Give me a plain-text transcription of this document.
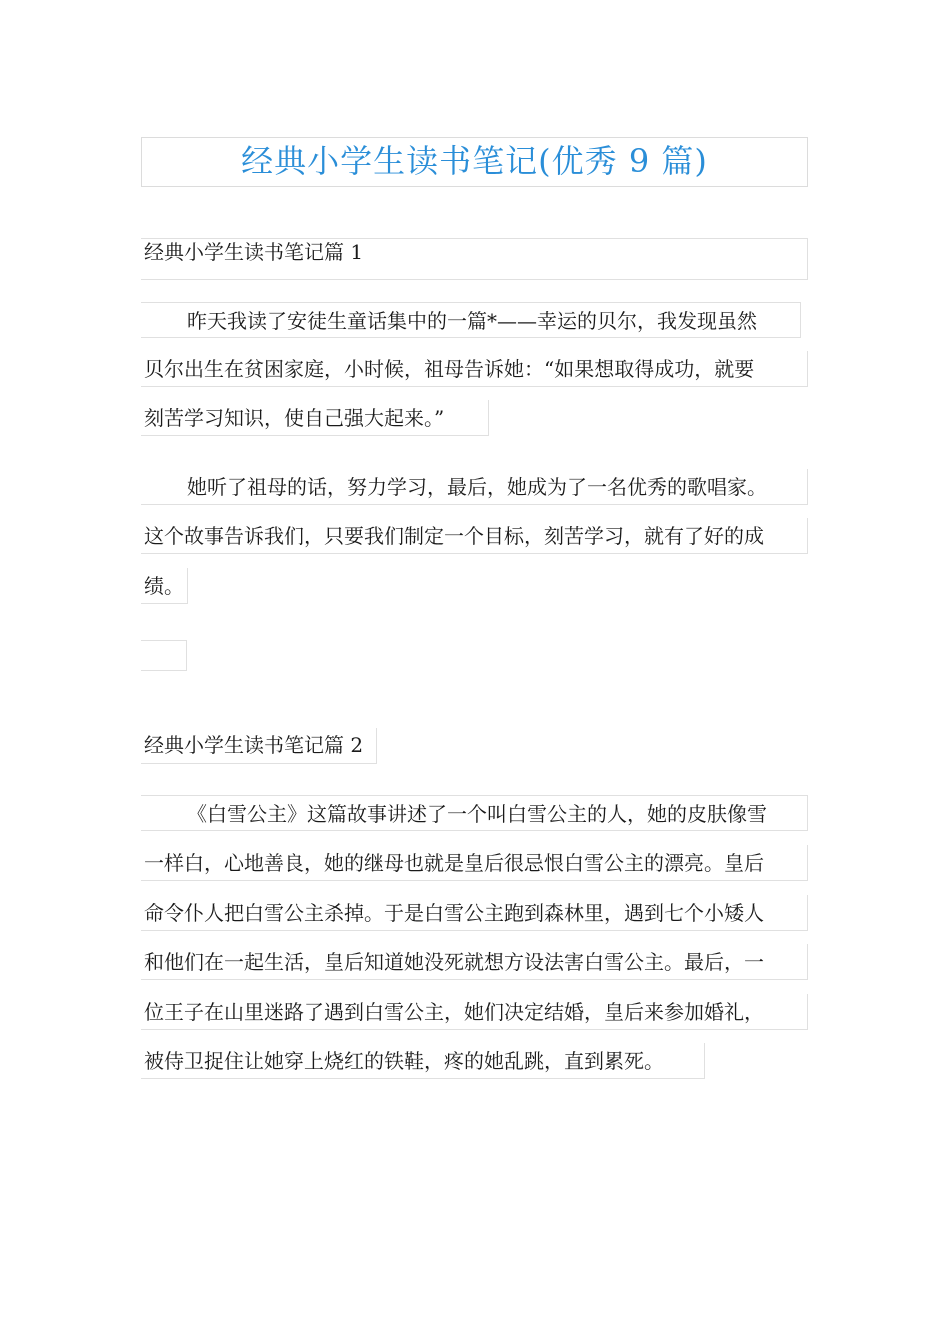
经典小学生读书笔记(优秀 9 篇)
经典小学生读书笔记篇 1
昨天我读了安徒生童话集中的一篇*——幸运的贝尔，我发现虽然
贝尔出生在贫困家庭，小时候，祖母告诉她：“如果想取得成功，就要
刻苦学习知识，使自己强大起来。”
她听了祖母的话，努力学习，最后，她成为了一名优秀的歌唱家。
这个故事告诉我们，只要我们制定一个目标，刻苦学习，就有了好的成
绩。
经典小学生读书笔记篇 2
《白雪公主》这篇故事讲述了一个叫白雪公主的人，她的皮肤像雪
一样白，心地善良，她的继母也就是皇后很忌恨白雪公主的漂亮。皇后
命令仆人把白雪公主杀掉。于是白雪公主跑到森林里，遇到七个小矮人
和他们在一起生活，皇后知道她没死就想方设法害白雪公主。最后，一
位王子在山里迷路了遇到白雪公主，她们决定结婚，皇后来参加婚礼，
被侍卫捉住让她穿上烧红的铁鞋，疼的她乱跳，直到累死。
